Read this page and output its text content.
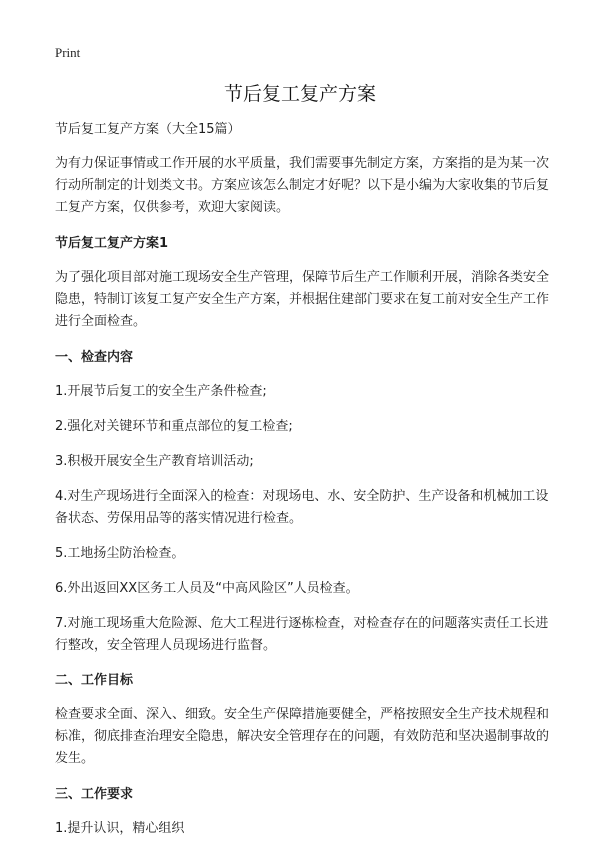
Print
节后复工复产方案

节后复工复产方案（大全15篇）

为有力保证事情或工作开展的水平质量，我们需要事先制定方案，方案指的是为某一次行动所制定的计划类文书。方案应该怎么制定才好呢？以下是小编为大家收集的节后复工复产方案，仅供参考，欢迎大家阅读。

节后复工复产方案1

为了强化项目部对施工现场安全生产管理，保障节后生产工作顺利开展，消除各类安全隐患，特制订该复工复产安全生产方案，并根据住建部门要求在复工前对安全生产工作进行全面检查。

一、检查内容

1.开展节后复工的安全生产条件检查;

2.强化对关键环节和重点部位的复工检查;

3.积极开展安全生产教育培训活动;

4.对生产现场进行全面深入的检查：对现场电、水、安全防护、生产设备和机械加工设备状态、劳保用品等的落实情况进行检查。

5.工地扬尘防治检查。

6.外出返回XX区务工人员及“中高风险区”人员检查。

7.对施工现场重大危险源、危大工程进行逐栋检查，对检查存在的问题落实责任工长进行整改，安全管理人员现场进行监督。

二、工作目标

检查要求全面、深入、细致。安全生产保障措施要健全，严格按照安全生产技术规程和标准，彻底排查治理安全隐患，解决安全管理存在的问题，有效防范和坚决遏制事故的发生。

三、工作要求

1.提升认识，精心组织
